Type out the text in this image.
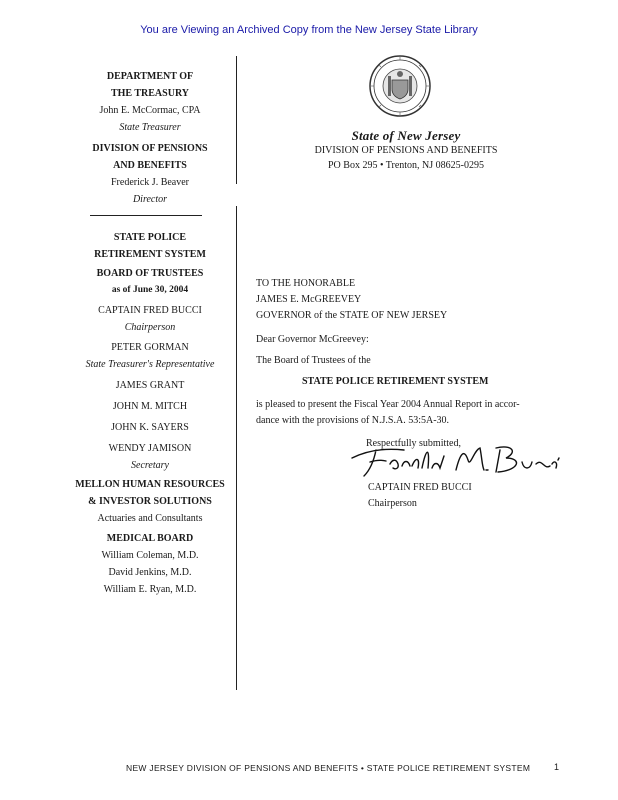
You are Viewing an Archived Copy from the New Jersey State Library
DEPARTMENT OF
THE TREASURY
John E. McCormac, CPA
State Treasurer
DIVISION OF PENSIONS
AND BENEFITS
Frederick J. Beaver
Director
STATE POLICE
RETIREMENT SYSTEM
BOARD OF TRUSTEES
as of June 30, 2004
CAPTAIN FRED BUCCI
Chairperson
PETER GORMAN
State Treasurer's Representative
JAMES GRANT
JOHN M. MITCH
JOHN K. SAYERS
WENDY JAMISON
Secretary
MELLON HUMAN RESOURCES
& INVESTOR SOLUTIONS
Actuaries and Consultants
MEDICAL BOARD
William Coleman, M.D.
David Jenkins, M.D.
William E. Ryan, M.D.
State of New Jersey
DIVISION OF PENSIONS AND BENEFITS
PO Box 295 • Trenton, NJ 08625-0295
TO THE HONORABLE
JAMES E. McGREEVEY
GOVERNOR of the STATE OF NEW JERSEY
Dear Governor McGreevey:
The Board of Trustees of the
STATE POLICE RETIREMENT SYSTEM
is pleased to present the Fiscal Year 2004 Annual Report in accor-
dance with the provisions of N.J.S.A. 53:5A-30.
Respectfully submitted,
CAPTAIN FRED BUCCI
Chairperson
NEW JERSEY DIVISION OF PENSIONS AND BENEFITS • STATE POLICE RETIREMENT SYSTEM	1
